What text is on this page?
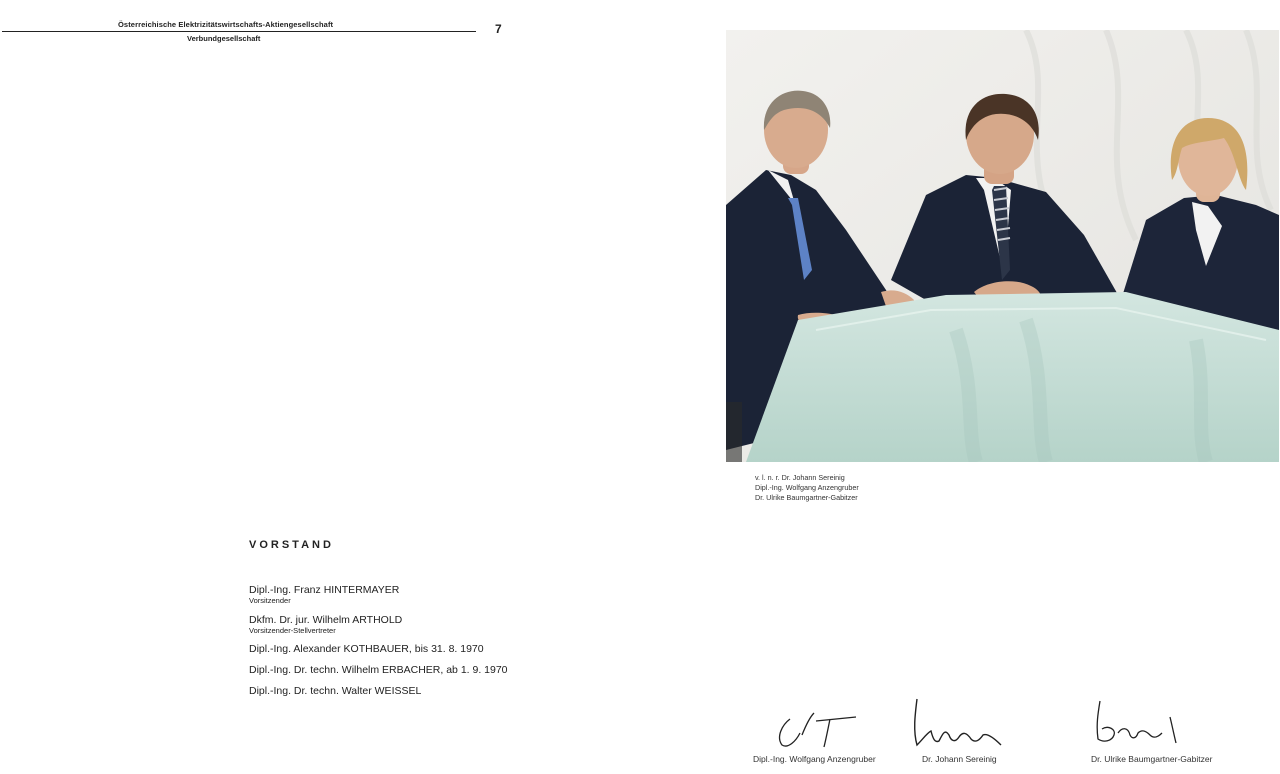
Österreichische Elektrizitätswirtschafts-Aktiengesellschaft
Verbundgesellschaft
7
VORSTAND
Dipl.-Ing. Franz HINTERMAYER
Vorsitzender
Dkfm. Dr. jur. Wilhelm ARTHOLD
Vorsitzender-Stellvertreter
Dipl.-Ing. Alexander KOTHBAUER, bis 31. 8. 1970
Dipl.-Ing. Dr. techn. Wilhelm ERBACHER, ab 1. 9. 1970
Dipl.-Ing. Dr. techn. Walter WEISSEL
v. l. n. r. Dr. Johann Sereinig
Dipl.-Ing. Wolfgang Anzengruber
Dr. Ulrike Baumgartner-Gabitzer
Dipl.-Ing. Wolfgang Anzengruber	Dr. Johann Sereinig	Dr. Ulrike Baumgartner-Gabitzer
